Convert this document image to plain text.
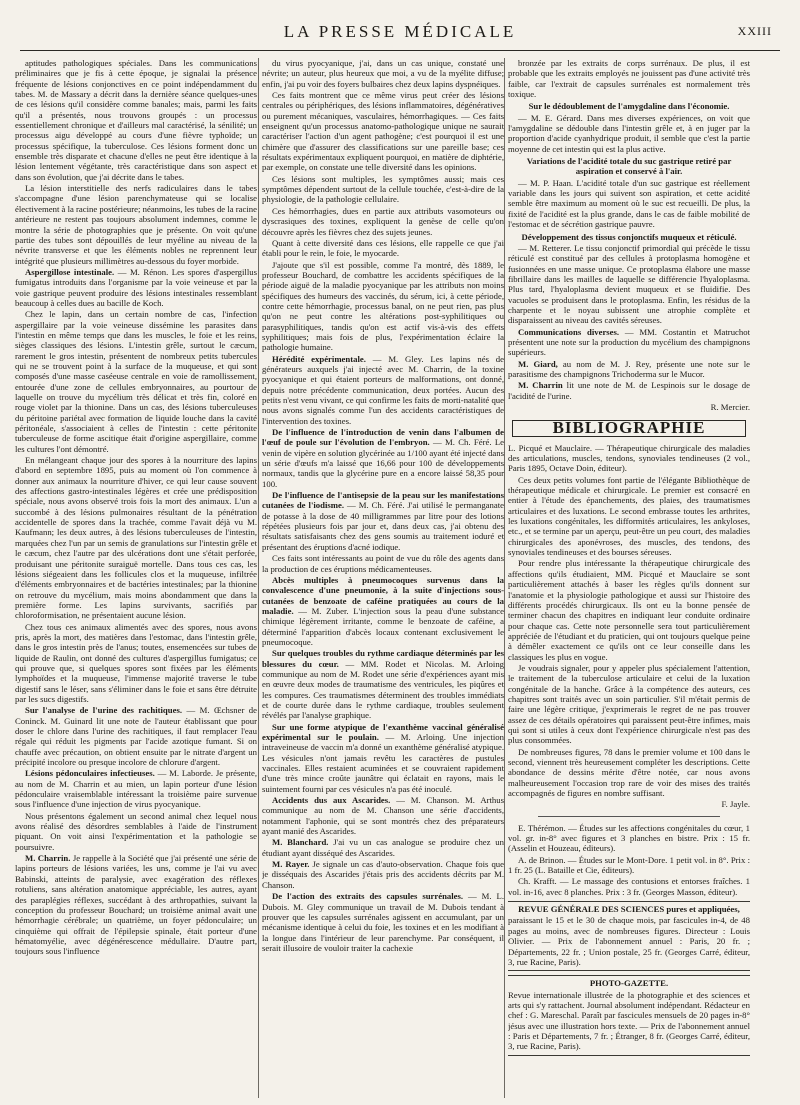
LA PRESSE MÉDICALE	XXIII

aptitudes pathologiques spéciales. Dans les communications préliminaires que je fis à cette époque, je signalai la présence fréquente de lésions conjonctives en ce point indépendamment du tabes. M. de Massary a décrit dans la dernière séance quelques-unes de ces lésions qu'il considère comme banales; mais, parmi les faits qu'il a présentés, nous trouvons groupés : un processus essentiellement chronique et d'ailleurs mal caractérisé, la sénilité; un processus aigu développé au cours d'une fièvre typhoïde; un processus spécifique, la tuberculose. Ces lésions forment donc un ensemble très disparate et chacune d'elles ne peut être identique à la lésion lentement végétante, très caractéristique dans son aspect et dans son évolution, que j'ai décrite dans le tabes.

La lésion interstitielle des nerfs radiculaires dans le tabes s'accompagne d'une lésion parenchymateuse qui se localise électivement à la racine postérieure; néanmoins, les tubes de la racine antérieure ne restent pas toujours absolument indemnes, comme le montre la série de photographies que je présente. On voit qu'une partie des tubes sont dépouillés de leur myéline au niveau de la névrite transverse et que les éléments nobles ne reprennent leur intégrité que plusieurs millimètres au-dessous du foyer morbide.

Aspergillose intestinale. — M. Rénon. Les spores d'aspergillus fumigatus introduits dans l'organisme par la voie veineuse et par la voie gastrique peuvent produire des lésions intestinales ressemblant beaucoup à celles dues au bacille de Koch.

Chez le lapin, dans un certain nombre de cas, l'infection aspergillaire par la voie veineuse dissémine les parasites dans l'intestin en même temps que dans les muscles, le foie et les reins, sièges classiques des lésions. L'intestin grêle, surtout le cæcum, rarement le gros intestin, présentent de nombreux petits tubercules qui ne se trouvent point à la surface de la muqueuse, et qui sont composés d'une masse caséeuse centrale en voie de ramollissement, entourée d'une zone de cellules embryonnaires, au pourtour de laquelle on trouve du mycélium très délicat et très fin, coloré en rouge violet par la thionine. Dans un cas, des lésions tuberculeuses du péritoine pariétal avec formation de liquide louche dans la cavité péritonéale, s'associaient à celles de l'intestin : cette péritonite tuberculeuse de forme ascitique était d'origine aspergillaire, comme les cultures l'ont démontré.

En mélangeant chaque jour des spores à la nourriture des lapins d'abord en septembre 1895, puis au moment où l'on commence à donner aux animaux la nourriture d'hiver, ce qui leur cause souvent des affections gastro-intestinales légères et crée une prédisposition spéciale, nous avons observé trois fois la mort des animaux. L'un a succombé à des lésions pulmonaires résultant de la pénétration accidentelle de spores dans la trachée, comme l'avait déjà vu M. Kaufmann; les deux autres, à des lésions tuberculeuses de l'intestin, marquées chez l'un par un semis de granulations sur l'intestin grêle et le cæcum, chez l'autre par des ulcérations dont une s'était perforée, produisant une péritonite suraiguë mortelle. Dans tous ces cas, les lésions siégeaient dans les follicules clos et la muqueuse, infiltrée d'éléments embryonnaires et de bactéries intestinales; par la thionine on retrouve du mycélium, mais moins abondamment que dans la première forme. Les lapins survivants, sacrifiés par chloroformisation, ne présentaient aucune lésion.

Chez tous ces animaux alimentés avec des spores, nous avons pris, après la mort, des matières dans l'estomac, dans l'intestin grêle, dans le gros intestin près de l'anus; toutes, ensemencées sur tubes de liquide de Raulin, ont donné des cultures d'aspergillus fumigatus; ce qui prouve que, si quelques spores sont fixées par les éléments lymphoïdes et la muqueuse, l'immense majorité traverse le tube digestif sans le léser, sans s'éliminer dans le foie et sans être détruite par les sucs digestifs.

Sur l'analyse de l'urine des rachitiques. — M. Œchsner de Coninck. M. Guinard lit une note de l'auteur établissant que pour doser le chlore dans l'urine des rachitiques, il faut remplacer l'eau régale qui réduit les pigments par l'acide azotique fumant. Si on chauffe avec précaution, on obtient ensuite par le nitrate d'argent un précipité incolore ou presque incolore de chlorure d'argent.

Lésions pédonculaires infectieuses. — M. Laborde. Je présente, au nom de M. Charrin et au mien, un lapin porteur d'une lésion pédonculaire vraisemblable intéressant la troisième paire survenue sous l'influence d'une injection de virus pyocyanique.

Nous présentons également un second animal chez lequel nous avons réalisé des désordres semblables à l'aide de l'instrument piquant. On voit ainsi l'expérimentation et la pathologie se poursuivre.

M. Charrin. Je rappelle à la Société que j'ai présenté une série de lapins porteurs de lésions variées, les uns, comme je l'ai vu avec Babinski, atteints de paralysie, avec exagération des réflexes rotuliens, sans altération anatomique appréciable, les autres, ayant des paraplégies réflexes, succédant à des arthropathies, suivant la conception du professeur Bouchard; un troisième animal avait une hémorrhagie cérébrale; un quatrième, un foyer pédonculaire; un cinquième qui offrait de l'épilepsie spinale, était porteur d'une hématomyélie, avec dégénérescence médullaire. D'autre part, toujours sous l'influence

du virus pyocyanique, j'ai, dans un cas unique, constaté une névrite; un auteur, plus heureux que moi, a vu de la myélite diffuse; enfin, j'ai pu voir des foyers bulbaires chez deux lapins dyspnéiques.

Ces faits montrent que ce même virus peut créer des lésions centrales ou périphériques, des lésions inflammatoires, dégénératives ou purement mécaniques, vasculaires, hémorrhagiques. — Ces faits enseignent qu'un processus anatomo-pathologique unique ne saurait caractériser l'action d'un agent pathogène; c'est pourquoi il est une chimère que d'assurer des classifications sur une pareille base; ces résultats expérimentaux expliquent pourquoi, en matière de diphtérie, par exemple, on constate une telle diversité dans les opinions.

Ces lésions sont multiples, les symptômes aussi; mais ces symptômes dépendent surtout de la cellule touchée, c'est-à-dire de la physiologie, de la pathologie cellulaire.

Ces hémorrhagies, dues en partie aux attributs vasomoteurs ou dyscrasiques des toxines, expliquent la genèse de celle qu'on découvre après les fièvres chez des sujets jeunes.

Quant à cette diversité dans ces lésions, elle rappelle ce que j'ai établi pour le rein, le foie, le myocarde.

J'ajoute que s'il est possible, comme l'a montré, dès 1889, le professeur Bouchard, de combattre les accidents spécifiques de la période aiguë de la maladie pyocyanique par les attributs non moins spécifiques des humeurs des vaccinés, du sérum, ici, à cette période, contre cette hémorrhagie, processus banal, on ne peut rien, pas plus qu'on ne peut contre les altérations post-syphilitiques ou parasyphilitiques, tandis qu'on est actif vis-à-vis des effets syphilitiques; mais fois de plus, l'expérimentation éclaire la pathologie humaine.

Hérédité expérimentale. — M. Gley. Les lapins nés de générateurs auxquels j'ai injecté avec M. Charrin, de la toxine pyocyanique et qui étaient porteurs de malformations, ont donné, depuis notre précédente communication, deux portées. Aucun des petits n'est venu vivant, ce qui confirme les faits de morti-natalité que nous avons signalés comme l'un des accidents caractéristiques de l'intervention des toxines.

De l'influence de l'introduction de venin dans l'albumen de l'œuf de poule sur l'évolution de l'embryon. — M. Ch. Féré. Le venin de vipère en solution glycérinée au 1/100 ayant été injecté dans un série d'œufs m'a laissé que 16,66 pour 100 de développements normaux, tandis que la glycérine pure en a encore laissé 58,35 pour 100.

De l'influence de l'antisepsie de la peau sur les manifestations cutanées de l'iodisme. — M. Ch. Féré. J'ai utilisé le permanganate de potasse à la dose de 40 milligrammes par litre pour des lotions répétées plusieurs fois par jour et, dans deux cas, j'ai obtenu des résultats satisfaisants chez des gens soumis au traitement ioduré et présentant des éruptions d'acné iodique.

Ces faits sont intéressants au point de vue du rôle des agents dans la production de ces éruptions médicamenteuses.

Abcès multiples à pneumocoques survenus dans la convalescence d'une pneumonie, à la suite d'injections sous-cutanées de benzoate de caféine pratiquées au cours de la maladie. — M. Zuber. L'injection sous la peau d'une substance chimique légèrement irritante, comme le benzoate de caféine, a déterminé l'apparition d'abcès locaux contenant exclusivement le pneumocoque.

Sur quelques troubles du rythme cardiaque déterminés par les blessures du cœur. — MM. Rodet et Nicolas. M. Arloing communique au nom de M. Rodet une série d'expériences ayant mis en œuvre deux modes de traumatisme des ventricules, les piqûres et les compures. Ces traumatismes déterminent des troubles immédiats et de courte durée dans le rythme cardiaque, troubles seulement révélés par l'analyse graphique.

Sur une forme atypique de l'exanthème vaccinal généralisé expérimental sur le poulain. — M. Arloing. Une injection intraveineuse de vaccin m'a donné un exanthème généralisé atypique. Les vésicules n'ont jamais revêtu les caractères de pustules vaccinales. Elles restaient acuminées et se couvraient rapidement d'une très mince croûte jaunâtre qui éclatait en rayons, mais le suintement fourni par ces vésicules n'a pas été inoculé.

Accidents dus aux Ascarides. — M. Chanson. M. Arthus communique au nom de M. Chanson une série d'accidents, notamment l'aphonie, qui se sont montrés chez des préparateurs ayant manié des Ascarides.

M. Blanchard. J'ai vu un cas analogue se produire chez un étudiant ayant disséqué des Ascarides.

M. Rayer. Je signale un cas d'auto-observation. Chaque fois que je disséquais des Ascarides j'étais pris des accidents décrits par M. Chanson.

De l'action des extraits des capsules surrénales. — M. L. Dubois. M. Gley communique un travail de M. Dubois tendant à prouver que les capsules surrénales agissent en accumulant, par un mécanisme identique à celui du foie, les toxines et en les modifiant à la longue dans l'intérieur de leur parenchyme. Par conséquent, il serait illusoire de vouloir traiter la cachexie

bronzée par les extraits de corps surrénaux. De plus, il est probable que les extraits employés ne jouissent pas d'une activité très faible, car l'extrait de capsules surrénales est normalement très toxique.

Sur le dédoublement de l'amygdaline dans l'économie.

— M. E. Gérard. Dans mes diverses expériences, on voit que l'amygdaline se dédouble dans l'intestin grêle et, à en juger par la proportion d'acide cyanhydrique produit, il semble que c'est la partie moyenne de cet intestin qui est la plus active.

Variations de l'acidité totale du suc gastrique retiré par aspiration et conservé à l'air.

— M. P. Haan. L'acidité totale d'un suc gastrique est réellement variable dans les jours qui suivent son aspiration, et cette acidité semble être maximum au moment où le suc est recueilli. De plus, la fixité de l'acidité est la plus grande, dans le cas de faible mobilité de l'estomac et de sécrétion gastrique pauvre.

Développement des tissus conjonctifs muqueux et réticulé.

— M. Retterer. Le tissu conjonctif primordial qui précède le tissu réticulé est constitué par des cellules à protoplasma homogène et fusionnées en une masse unique. Ce protoplasma élabore une masse fibrillaire dans les mailles de laquelle se différencie l'hyaloplasma. Plus tard, l'hyaloplasma devient muqueux et se fluidifie. Des vacuoles se produisent dans le protoplasma. Enfin, les résidus de la charpente et le noyau subissent une atrophie complète et disparaissent au niveau des cavités séreuses.

Communications diverses. — MM. Costantin et Matruchot présentent une note sur la production du mycélium des champignons supérieurs.

M. Giard, au nom de M. J. Rey, présente une note sur le parasitisme des champignons Trichoderma sur le Mucor.

M. Charrin lit une note de M. de Lespinois sur le dosage de l'acidité de l'urine.

R. Mercier.

BIBLIOGRAPHIE

L. Picqué et Mauclaire. — Thérapeutique chirurgicale des maladies des articulations, muscles, tendons, synoviales tendineuses (2 vol., Paris 1895, Octave Doin, éditeur).

Ces deux petits volumes font partie de l'élégante Bibliothèque de thérapeutique médicale et chirurgicale. Le premier est consacré en entier à l'étude des épanchements, des plaies, des traumatismes articulaires et des luxations. Le second embrasse toutes les arthrites, les luxations congénitales, les difformités articulaires, les ankyloses, etc., et se termine par un aperçu, peut-être un peu court, des maladies chirurgicales des aponévroses, des muscles, des tendons, des synoviales tendineuses et des bourses séreuses.

Pour rendre plus intéressante la thérapeutique chirurgicale des affections qu'ils étudiaient, MM. Picqué et Mauclaire se sont particulièrement attachés à baser les règles qu'ils donnent sur l'anatomie et la physiologie pathologique et aussi sur l'histoire des différents procédés chirurgicaux. Ils ont eu la bonne pensée de terminer chacun des chapitres en indiquant leur conduite ordinaire pour chaque cas. Cette note personnelle sera tout particulièrement appréciée de l'étudiant et du praticien, qui ont toujours quelque peine à démêler exactement ce qu'ils ont ce leur conseille dans les classiques les plus en vogue.

Je voudrais signaler, pour y appeler plus spécialement l'attention, le traitement de la tuberculose articulaire et celui de la luxation congénitale de la hanche. Grâce à la compétence des auteurs, ces chapitres sont traités avec un soin particulier. S'il m'était permis de faire une légère critique, j'exprimerais le regret de ne pas trouver assez de ces détails opératoires qui paraissent peut-être infimes, mais qui sont si utiles à ceux dont l'expérience chirurgicale n'est pas des plus consommées.

De nombreuses figures, 78 dans le premier volume et 100 dans le second, viennent très heureusement compléter les descriptions. Cette abondance de dessins mérite d'être notée, car nous avons malheureusement l'occasion trop rare de voir des mises des traités accompagnés de figures en nombre suffisant.

F. Jayle.

E. Thérémon. — Études sur les affections congénitales du cœur, 1 vol. gr. in-8° avec figures et 3 planches en bistre. Prix : 15 fr. (Asselin et Houzeau, éditeurs).

A. de Brinon. — Études sur le Mont-Dore. 1 petit vol. in 8°. Prix : 1 fr. 25 (L. Bataille et Cie, éditeurs).

Ch. Krafft. — Le massage des contusions et entorses fraîches. 1 vol. in-16, avec 8 planches. Prix : 3 fr. (Georges Masson, éditeur).

REVUE GÉNÉRALE DES SCIENCES pures et appliquées,

paraissant le 15 et le 30 de chaque mois, par fascicules in-4, de 48 pages au moins, avec de nombreuses figures. Directeur : Louis Olivier. — Prix de l'abonnement annuel : Paris, 20 fr. ; Départements, 22 fr. ; Union postale, 25 fr. (Georges Carré, éditeur, 3, rue Racine, Paris).

PHOTO-GAZETTE.

Revue internationale illustrée de la photographie et des sciences et arts qui s'y rattachent. Journal absolument indépendant. Rédacteur en chef : G. Mareschal. Paraît par fascicules mensuels de 20 pages in-8° jésus avec une illustration hors texte. — Prix de l'abonnement annuel : Paris et Départements, 7 fr. ; Étranger, 8 fr. (Georges Carré, éditeur, 3, rue Racine, Paris).
